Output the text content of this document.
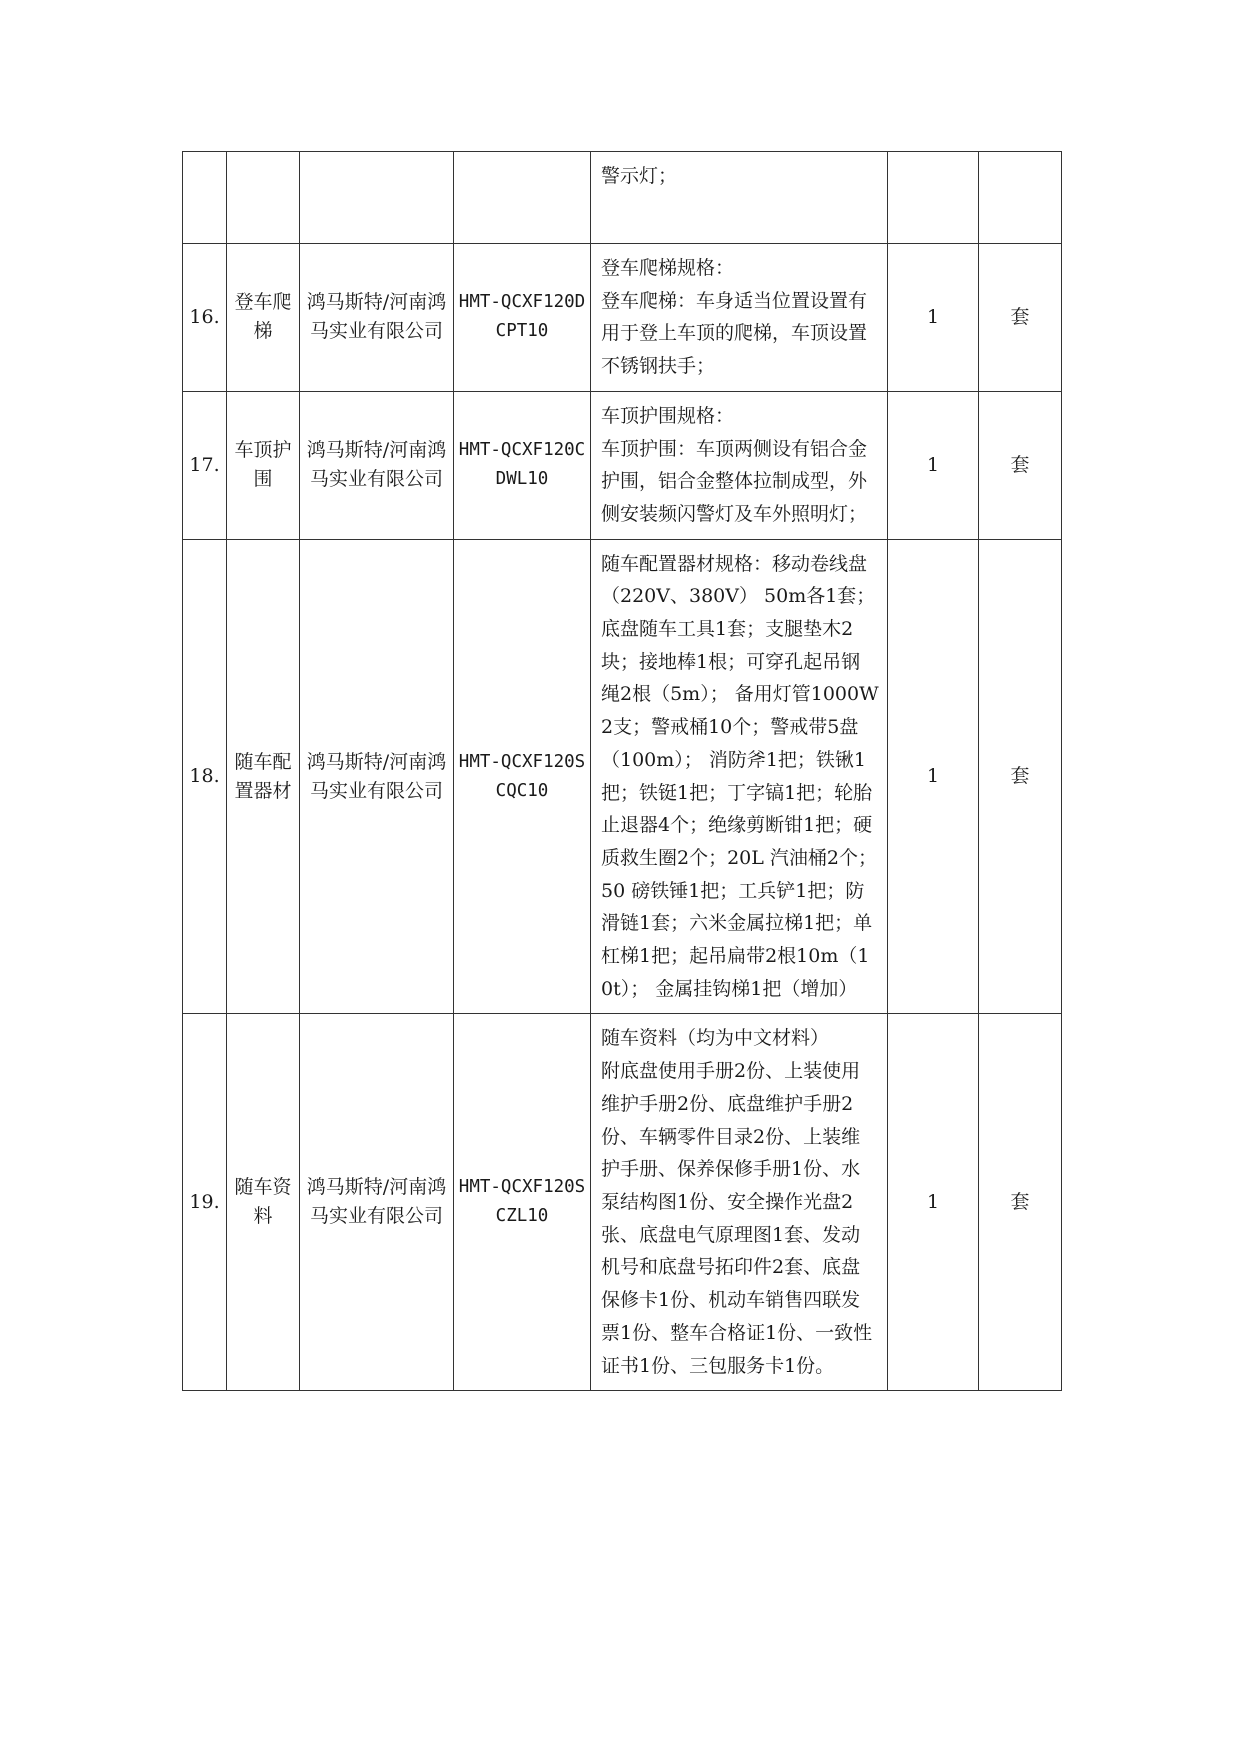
				警示灯；		

16.	登车爬梯	鸿马斯特/河南鸿马实业有限公司	HMT-QCXF120DCPT10	登车爬梯规格：
登车爬梯：车身适当位置设置有用于登上车顶的爬梯，车顶设置不锈钢扶手；	1	套
17.	车顶护围	鸿马斯特/河南鸿马实业有限公司	HMT-QCXF120CDWL10	车顶护围规格：
车顶护围：车顶两侧设有铝合金护围，铝合金整体拉制成型，外侧安装频闪警灯及车外照明灯；	1	套
18.	随车配置器材	鸿马斯特/河南鸿马实业有限公司	HMT-QCXF120SCQC10	随车配置器材规格：移动卷线盘（220V、380V） 50m各1套；底盘随车工具1套；支腿垫木2块；接地棒1根；可穿孔起吊钢绳2根（5m）； 备用灯管1000W 2支；警戒桶10个；警戒带5盘（100m）； 消防斧1把；铁锹1把；铁铤1把；丁字镐1把；轮胎止退器4个；绝缘剪断钳1把；硬质救生圈2个；20L 汽油桶2个；50 磅铁锤1把；工兵铲1把；防滑链1套；六米金属拉梯1把；单杠梯1把；起吊扁带2根10m（10t）； 金属挂钩梯1把（增加）	1	套
19.	随车资料	鸿马斯特/河南鸿马实业有限公司	HMT-QCXF120SCZL10	随车资料（均为中文材料）
附底盘使用手册2份、上装使用维护手册2份、底盘维护手册2份、车辆零件目录2份、上装维护手册、保养保修手册1份、水泵结构图1份、安全操作光盘2张、底盘电气原理图1套、发动机号和底盘号拓印件2套、底盘保修卡1份、机动车销售四联发票1份、整车合格证1份、一致性证书1份、三包服务卡1份。	1	套
